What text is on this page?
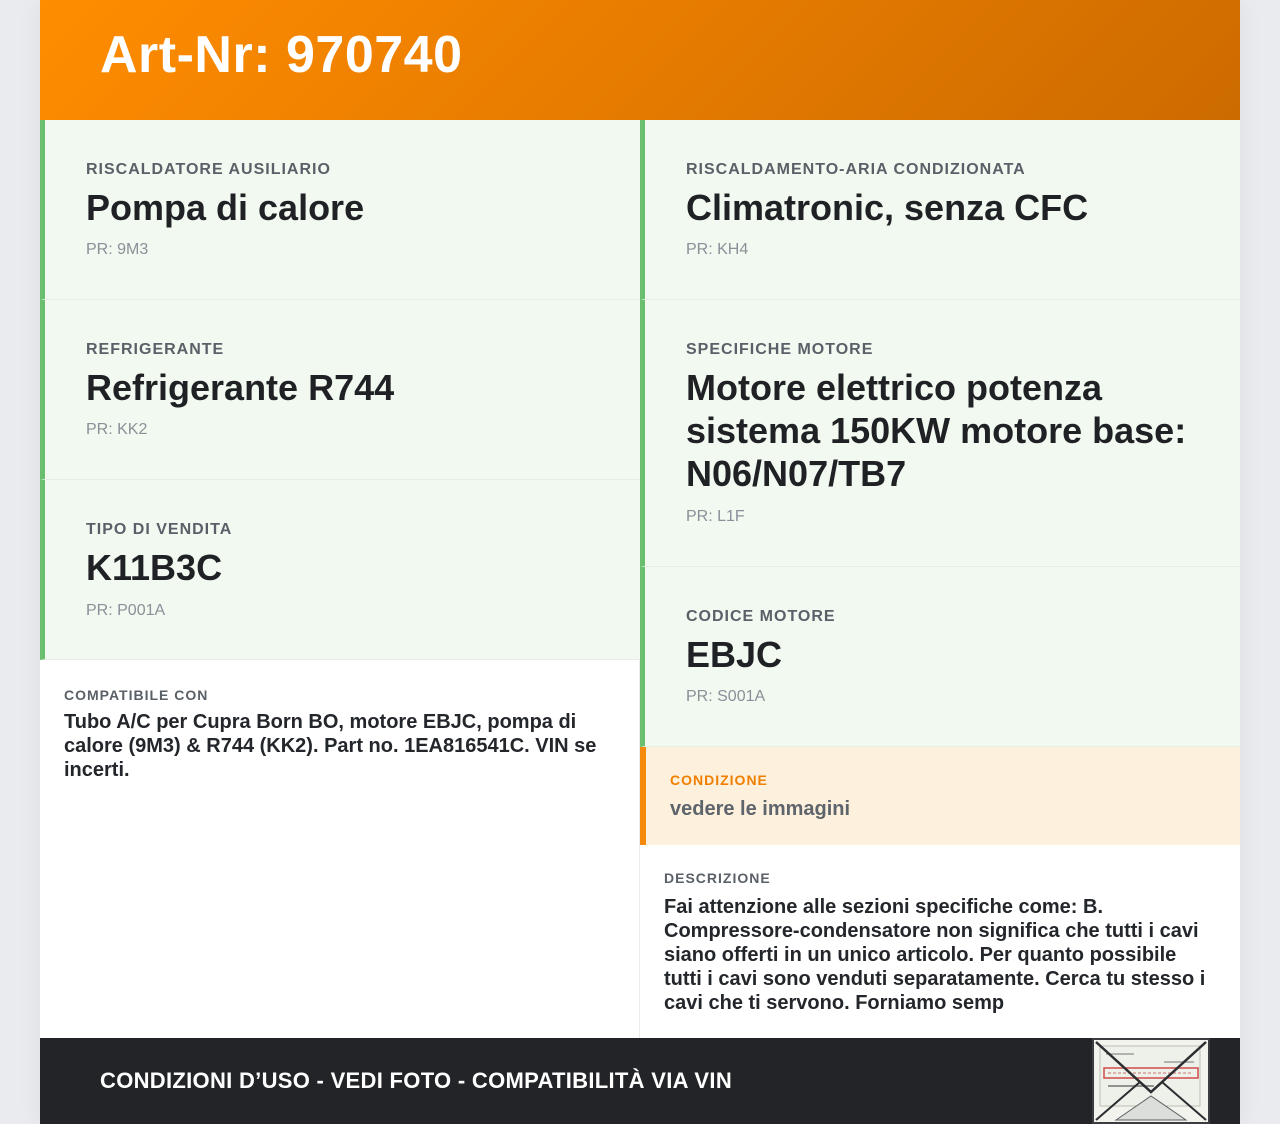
Art-Nr: 970740
RISCALDATORE AUSILIARIO
Pompa di calore
PR: 9M3
REFRIGERANTE
Refrigerante R744
PR: KK2
TIPO DI VENDITA
K11B3C
PR: P001A
COMPATIBILE CON
Tubo A/C per Cupra Born BO, motore EBJC, pompa di calore (9M3) & R744 (KK2). Part no. 1EA816541C. VIN se incerti.
RISCALDAMENTO-ARIA CONDIZIONATA
Climatronic, senza CFC
PR: KH4
SPECIFICHE MOTORE
Motore elettrico potenza sistema 150KW motore base: N06/N07/TB7
PR: L1F
CODICE MOTORE
EBJC
PR: S001A
CONDIZIONE
vedere le immagini
DESCRIZIONE
Fai attenzione alle sezioni specifiche come: B. Compressore-condensatore non significa che tutti i cavi siano offerti in un unico articolo. Per quanto possibile tutti i cavi sono venduti separatamente. Cerca tu stesso i cavi che ti servono. Forniamo semp
CONDIZIONI D’USO - VEDI FOTO - COMPATIBILITÀ VIA VIN
